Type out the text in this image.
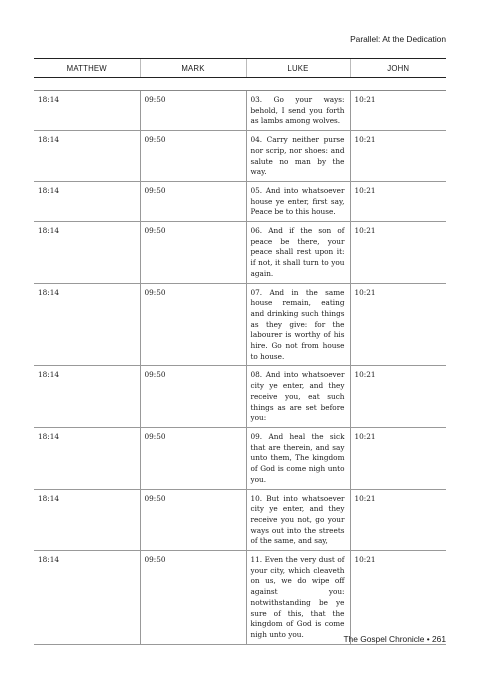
Parallel: At the Dedication
MATTHEW	MARK	LUKE	JOHN

18:14	09:50	03. Go your ways: behold, I send you forth as lambs among wolves.	10:21
18:14	09:50	04. Carry neither purse nor scrip, nor shoes: and salute no man by the way.	10:21
18:14	09:50	05. And into whatsoever house ye enter, first say, Peace be to this house.	10:21
18:14	09:50	06. And if the son of peace be there, your peace shall rest upon it: if not, it shall turn to you again.	10:21
18:14	09:50	07. And in the same house remain, eating and drinking such things as they give: for the labourer is worthy of his hire. Go not from house to house.	10:21
18:14	09:50	08. And into whatsoever city ye enter, and they receive you, eat such things as are set before you:	10:21
18:14	09:50	09. And heal the sick that are therein, and say unto them, The kingdom of God is come nigh unto you.	10:21
18:14	09:50	10. But into whatsoever city ye enter, and they receive you not, go your ways out into the streets of the same, and say,	10:21
18:14	09:50	11. Even the very dust of your city, which cleaveth on us, we do wipe off against you: notwithstanding be ye sure of this, that the kingdom of God is come nigh unto you.	10:21
The Gospel Chronicle • 261
